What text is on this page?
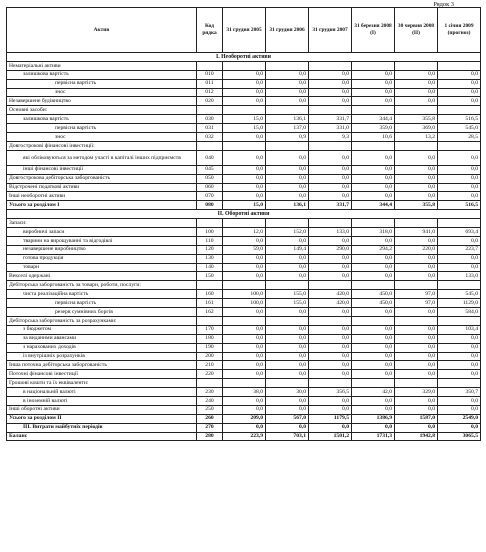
Рядок 3
Актив	Код рядка	31 грудня 2005	31 грудня 2006	31 грудня 2007	31 березня 2008 (І)	30 червня 2008 (ІІ)	1 січня 2009 (прогноз)
І. Необоротні активи							
Нематеріальні активи							
залишкова вартість	010	0,0	0,0	0,0	0,0	0,0	0,0
первісна вартість	011	0,0	0,0	0,0	0,0	0,0	0,0
знос	012	0,0	0,0	0,0	0,0	0,0	0,0
Незавершене будівництво	020	0,0	0,0	0,0	0,0	0,0	0,0
Основні засоби:							
залишкова вартість	030	15,0	136,1	331,7	344,4	355,8	516,5
первісна вартість	031	15,0	137,0	331,0	359,0	369,0	545,0
знос	032	0,0	0,9	9,3	10,6	13,2	28,5
Довгострокові фінансові інвестиції:							
які обліковуються за методом участі в капіталі інших підприємств	040	0,0	0,0	0,0	0,0	0,0	0,0
інші фінансові інвестиції	045	0,0	0,0	0,0	0,0	0,0	0,0
Довгострокова дебіторська заборгованість	050	0,0	0,0	0,0	0,0	0,0	0,0
Відстрочені податкові активи	060	0,0	0,0	0,0	0,0	0,0	0,0
Інші необоротні активи	070	0,0	0,0	0,0	0,0	0,0	0,0
Усього за розділом І	080	15,0	136,1	331,7	344,4	355,8	516,5
ІІ. Оборотні активи							
Запаси:							
виробничі запаси	100	12,0	152,0	133,0	318,0	941,0	693,4
тварини на вирощуванні та відгодівлі	110	0,0	0,0	0,0	0,0	0,0	0,0
незавершене виробництво	120	59,0	149,4	290,0	294,2	220,0	223,7
готова продукція	130	0,0	0,0	0,0	0,0	0,0	0,0
товари	140	0,0	0,0	0,0	0,0	0,0	0,0
Векселі одержані	150	0,0	0,0	0,0	0,0	0,0	133,0
Дебіторська заборгованість за товари, роботи, послуги:							
чиста реалізаційна вартість	160	100,0	155,0	420,0	450,0	97,0	545,0
первісна вартість	161	100,0	155,0	420,0	450,0	97,0	1129,0
резерв сумнівних боргів	162	0,0	0,0	0,0	0,0	0,0	584,0
Дебіторська заборгованість за розрахунками:							
з бюджетом	170	0,0	0,0	0,0	0,0	0,0	103,4
за виданими авансами	180	0,0	0,0	0,0	0,0	0,0	0,0
з нарахованих доходів	190	0,0	0,0	0,0	0,0	0,0	0,0
із внутрішніх розрахунків	200	0,0	0,0	0,0	0,0	0,0	0,0
Інша поточна дебіторська заборгованість	210	0,0	0,0	0,0	0,0	0,0	0,0
Поточні фінансові інвестиції	220	0,0	0,0	0,0	0,0	0,0	0,0
Грошові кошти та їх еквіваленти:							
в національній валюті	230	38,0	30,0	356,5	42,0	329,0	350,7
в іноземній валюті	240	0,0	0,0	0,0	0,0	0,0	0,0
Інші оборотні активи	250	0,0	0,0	0,0	0,0	0,0	0,0
Усього за розділом ІІ	260	209,0	567,0	1179,5	1386,9	1587,0	2549,0
ІІІ. Витрати майбутніх періодів	270	0,0	0,0	0,0	0,0	0,0	0,0
Баланс	280	223,9	703,1	1501,2	1731,3	1942,8	3065,5
